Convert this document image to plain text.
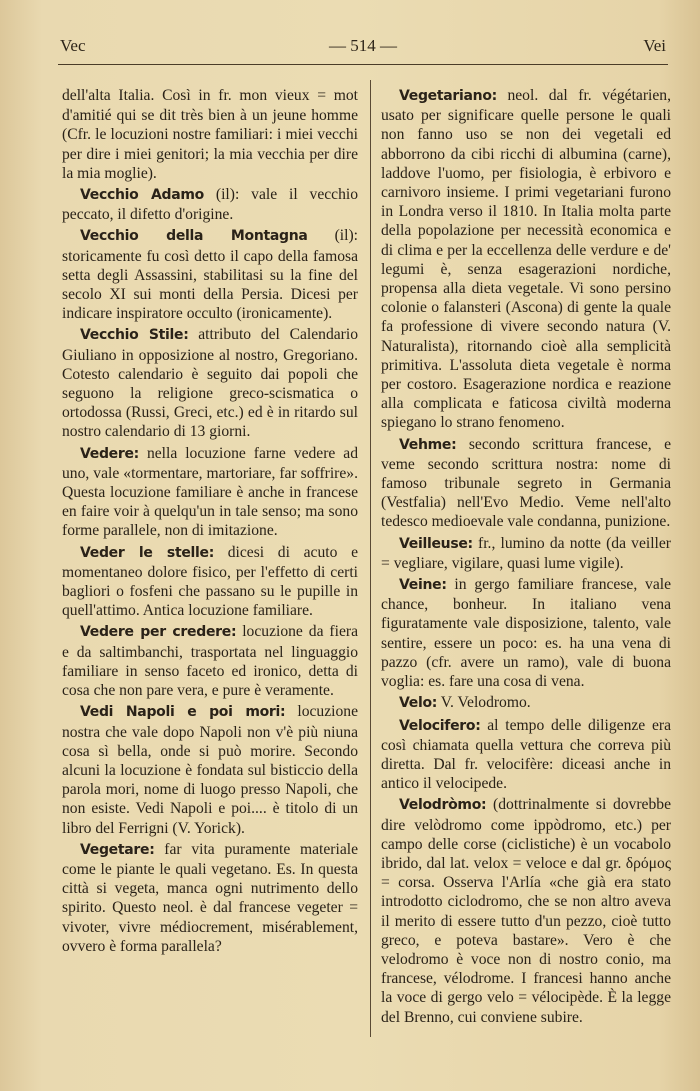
Vec	— 514 —	Vei

dell'alta Italia. Così in fr. mon vieux = mot d'amitié qui se dit très bien à un jeune homme (Cfr. le locuzioni nostre familiari: i miei vecchi per dire i miei genitori; la mia vecchia per dire la mia moglie).

Vecchio Adamo (il): vale il vecchio peccato, il difetto d'origine.

Vecchio della Montagna (il): storicamente fu così detto il capo della famosa setta degli Assassini, stabilitasi su la fine del secolo XI sui monti della Persia. Dicesi per indicare inspiratore occulto (ironicamente).

Vecchio Stile: attributo del Calendario Giuliano in opposizione al nostro, Gregoriano. Cotesto calendario è seguito dai popoli che seguono la religione greco-scismatica o ortodossa (Russi, Greci, etc.) ed è in ritardo sul nostro calendario di 13 giorni.

Vedere: nella locuzione farne vedere ad uno, vale «tormentare, martoriare, far soffrire». Questa locuzione familiare è anche in francese en faire voir à quelqu'un in tale senso; ma sono forme parallele, non di imitazione.

Veder le stelle: dicesi di acuto e momentaneo dolore fisico, per l'effetto di certi bagliori o fosfeni che passano su le pupille in quell'attimo. Antica locuzione familiare.

Vedere per credere: locuzione da fiera e da saltimbanchi, trasportata nel linguaggio familiare in senso faceto ed ironico, detta di cosa che non pare vera, e pure è veramente.

Vedi Napoli e poi mori: locuzione nostra che vale dopo Napoli non v'è più niuna cosa sì bella, onde si può morire. Secondo alcuni la locuzione è fondata sul bisticcio della parola mori, nome di luogo presso Napoli, che non esiste. Vedi Napoli e poi.... è titolo di un libro del Ferrigni (V. Yorick).

Vegetare: far vita puramente materiale come le piante le quali vegetano. Es. In questa città si vegeta, manca ogni nutrimento dello spirito. Questo neol. è dal francese vegeter = vivoter, vivre médiocrement, misérablement, ovvero è forma parallela?

Vegetariano: neol. dal fr. végétarien, usato per significare quelle persone le quali non fanno uso se non dei vegetali ed abborrono da cibi ricchi di albumina (carne), laddove l'uomo, per fisiologia, è erbivoro e carnivoro insieme. I primi vegetariani furono in Londra verso il 1810. In Italia molta parte della popolazione per necessità economica e di clima e per la eccellenza delle verdure e de' legumi è, senza esagerazioni nordiche, propensa alla dieta vegetale. Vi sono persino colonie o falansteri (Ascona) di gente la quale fa professione di vivere secondo natura (V. Naturalista), ritornando cioè alla semplicità primitiva. L'assoluta dieta vegetale è norma per costoro. Esagerazione nordica e reazione alla complicata e faticosa civiltà moderna spiegano lo strano fenomeno.

Vehme: secondo scrittura francese, e veme secondo scrittura nostra: nome di famoso tribunale segreto in Germania (Vestfalia) nell'Evo Medio. Veme nell'alto tedesco medioevale vale condanna, punizione.

Veilleuse: fr., lumino da notte (da veiller = vegliare, vigilare, quasi lume vigile).

Veine: in gergo familiare francese, vale chance, bonheur. In italiano vena figuratamente vale disposizione, talento, vale sentire, essere un poco: es. ha una vena di pazzo (cfr. avere un ramo), vale di buona voglia: es. fare una cosa di vena.

Velo: V. Velodromo.

Velocifero: al tempo delle diligenze era così chiamata quella vettura che correva più diretta. Dal fr. velocifère: diceasi anche in antico il velocipede.

Velodròmo: (dottrinalmente si dovrebbe dire velòdromo come ippòdromo, etc.) per campo delle corse (ciclistiche) è un vocabolo ibrido, dal lat. velox = veloce e dal gr. δρόμος = corsa. Osserva l'Arlía «che già era stato introdotto ciclodromo, che se non altro aveva il merito di essere tutto d'un pezzo, cioè tutto greco, e poteva bastare». Vero è che velodromo è voce non di nostro conio, ma francese, vélodrome. I francesi hanno anche la voce di gergo velo = vélocipède. È la legge del Brenno, cui conviene subire.
